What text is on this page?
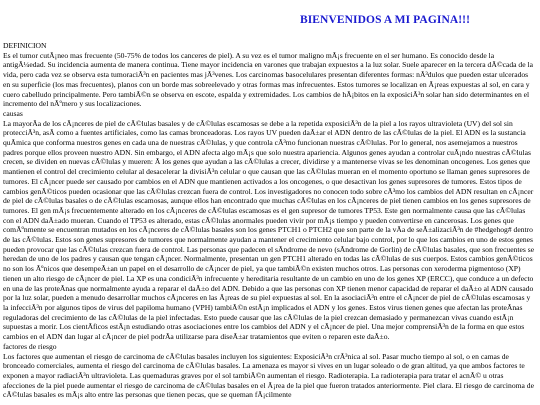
BIENVENIDOS A MI PAGINA!!!

DEFINICION

Es el tumor cutÃ¡neo mas frecuente (50-75% de todos los canceres de piel). A su vez es el tumor maligno mÃ¡s frecuente en el ser humano. Es conocido desde la antigÃ¼edad. Su incidencia aumenta de manera continua. Tiene mayor incidencia en varones que trabajan expuestos a la luz solar. Suele aparecer en la tercera dÃ©cada de la vida, pero cada vez se observa esta tumoraciÃ³n en pacientes mas jÃ³venes. Los carcinomas basocelulares presentan diferentes formas: nÃ³dulos que pueden estar ulcerados en su superficie (los mas frecuentes), planos con un borde mas sobreelevado y otras formas mas infrecuentes. Estos tumores se localizan en Ã¡reas expuestas al sol, en cara y cuero cabelludo principalmente. Pero tambiÃ©n se observa en escote, espalda y extremidades. Los cambios de hÃ¡bitos en la exposiciÃ³n solar han sido determinantes en el incremento del nÃºmero y sus localizaciones.

causas

La mayorÃa de los cÃ¡nceres de piel de cÃ©lulas basales y de cÃ©lulas escamosas se debe a la repetida exposiciÃ³n de la piel a los rayos ultravioleta (UV) del sol sin protecciÃ³n, asÃ como a fuentes artificiales, como las camas bronceadoras. Los rayos UV pueden daÃ±ar el ADN dentro de las cÃ©lulas de la piel. El ADN es la sustancia quÃmica que conforma nuestros genes en cada una de nuestras cÃ©lulas, y que controla cÃ³mo funcionan nuestras cÃ©lulas. Por lo general, nos asemejamos a nuestros padres porque ellos proveen nuestro ADN. Sin embargo, el ADN afecta algo mÃ¡s que solo nuestra apariencia. Algunos genes ayudan a controlar cuÃ¡ndo nuestras cÃ©lulas crecen, se dividen en nuevas cÃ©lulas y mueren: Ã los genes que ayudan a las cÃ©lulas a crecer, dividirse y a mantenerse vivas se les denominan oncogenes. Los genes que mantienen el control del crecimiento celular al desacelerar la divisiÃ³n celular o que causan que las cÃ©lulas mueran en el momento oportuno se llaman genes supresores de tumores. El cÃ¡ncer puede ser causado por cambios en el ADN que mantienen activados a los oncogenes, o que desactivan los genes supresores de tumores. Estos tipos de cambios genÃ©ticos pueden ocasionar que las cÃ©lulas crezcan fuera de control. Los investigadores no conocen todo sobre cÃ³mo los cambios del ADN resultan en cÃ¡ncer de piel de cÃ©lulas basales o de cÃ©lulas escamosas, aunque ellos han encontrado que muchas cÃ©lulas en los cÃ¡nceres de piel tienen cambios en los genes supresores de tumores. El gen mÃ¡s frecuentemente alterado en los cÃ¡nceres de cÃ©lulas escamosas es el gen supresor de tumores TP53. Este gen normalmente causa que las cÃ©lulas con el ADN daÃ±ado mueran. Cuando el TP53 es alterado, estas cÃ©lulas anormales pueden vivir por mÃ¡s tiempo y pueden convertirse en cancerosas. Los genes que comÃºnmente se encuentran mutados en los cÃ¡nceres de cÃ©lulas basales son los genes PTCH1 o PTCH2 que son parte de la vÃa de seÃ±alizaciÃ³n de #hedgehog# dentro de las cÃ©lulas. Estos son genes supresores de tumores que normalmente ayudan a mantener el crecimiento celular bajo control, por lo que los cambios en uno de estos genes pueden provocar que las cÃ©lulas crezcan fuera de control. Las personas que padecen el sÃndrome de nevo (sÃndrome de Gorlin) de cÃ©lulas basales, que son frecuentes se heredan de uno de los padres y causan que tengan cÃ¡ncer. Normalmente, presentan un gen PTCH1 alterado en todas las cÃ©lulas de sus cuerpos. Estos cambios genÃ©ticos no son los Ãºnicos que desempeÃ±an un papel en el desarrollo de cÃ¡ncer de piel, ya que tambiÃ©n existen muchos otros. Las personas con xeroderma pigmentoso (XP) tienen un alto riesgo de cÃ¡ncer de piel. La XP es una condiciÃ³n infrecuente y hereditaria resultante de un cambio en uno de los genes XP (ERCC), que conduce a un defecto en una de las proteÃnas que normalmente ayuda a reparar el daÃ±o del ADN. Debido a que las personas con XP tienen menor capacidad de reparar el daÃ±o al ADN causado por la luz solar, pueden a menudo desarrollar muchos cÃ¡nceres en las Ã¡reas de su piel expuestas al sol. En la asociaciÃ³n entre el cÃ¡ncer de piel de cÃ©lulas escamosas y la infecciÃ³n por algunos tipos de virus del papiloma humano (VPH) tambiÃ©n estÃ¡n implicados el ADN y los genes. Estos virus tienen genes que afectan las proteÃnas reguladoras del crecimiento de las cÃ©lulas de la piel infectadas. Esto puede causar que las cÃ©lulas de la piel crezcan demasiado y permanezcan vivas cuando estÃ¡n supuestas a morir. Los cientÃficos estÃ¡n estudiando otras asociaciones entre los cambios del ADN y el cÃ¡ncer de piel. Una mejor comprensiÃ³n de la forma en que estos cambios en el ADN dan lugar al cÃ¡ncer de piel podrÃa utilizarse para diseÃ±ar tratamientos que eviten o reparen este daÃ±o.

factores de riesgo

Los factores que aumentan el riesgo de carcinoma de cÃ©lulas basales incluyen los siguientes: ExposiciÃ³n crÃ³nica al sol. Pasar mucho tiempo al sol, o en camas de bronceado comerciales, aumenta el riesgo del carcinoma de cÃ©lulas basales. La amenaza es mayor si vives en un lugar soleado o de gran altitud, ya que ambos factores te exponen a mayor radiaciÃ³n ultravioleta. Las quemaduras graves por el sol tambiÃ©n aumentan el riesgo. Radioterapia. La radioterapia para tratar el acnÃ© u otras afecciones de la piel puede aumentar el riesgo de carcinoma de cÃ©lulas basales en el Ã¡rea de la piel que fueron tratados anteriormente. Piel clara. El riesgo de carcinoma de cÃ©lulas basales es mÃ¡s alto entre las personas que tienen pecas, que se queman fÃ¡cilmente
